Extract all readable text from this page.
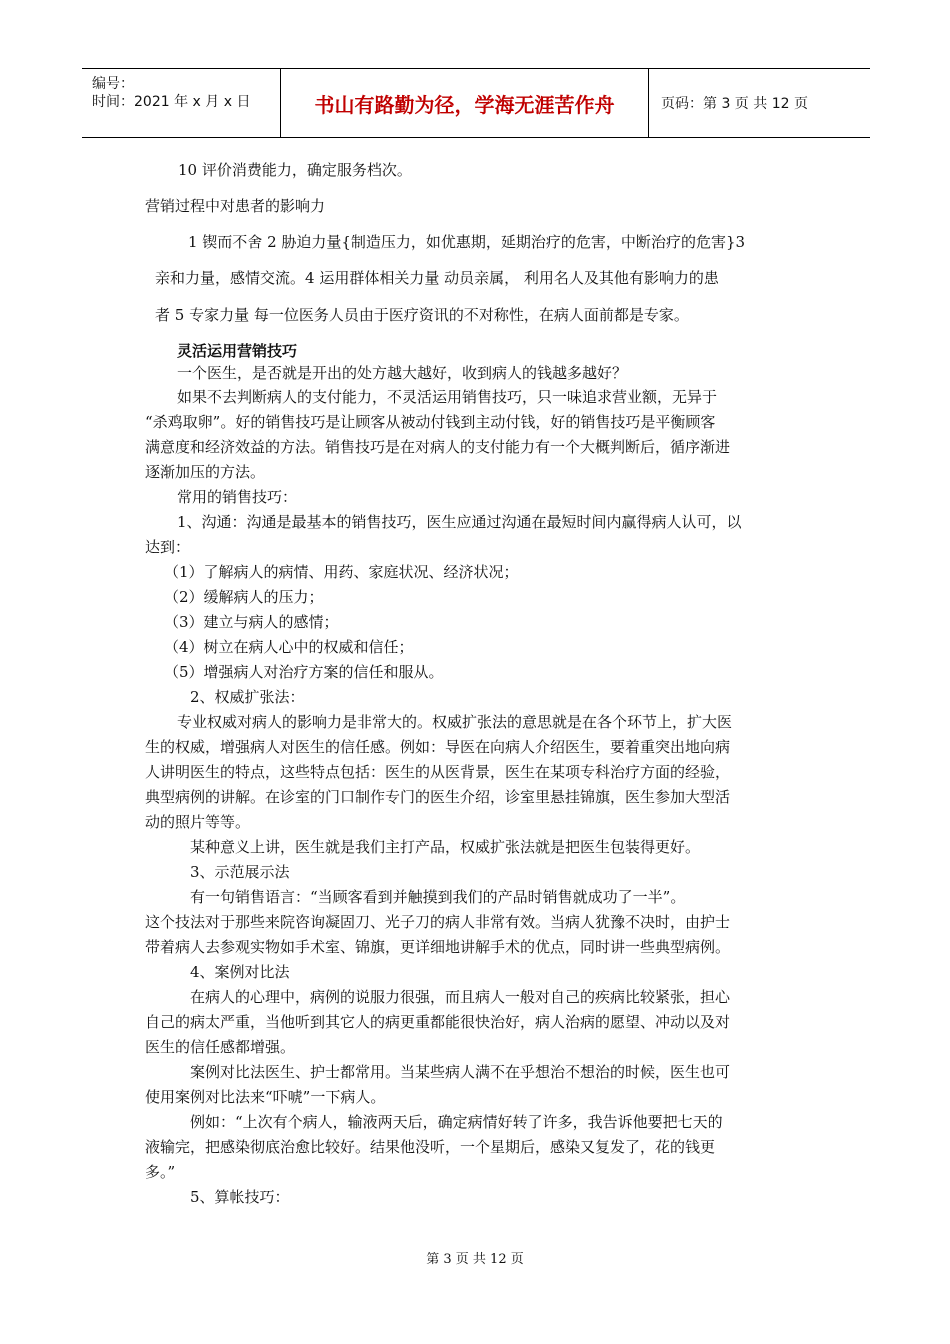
编号：
时间：2021 年 x 月 x 日	书山有路勤为径，学海无涯苦作舟	页码：第 3 页 共 12 页
10 评价消费能力，确定服务档次。
营销过程中对患者的影响力
1 锲而不舍 2 胁迫力量{制造压力，如优惠期，延期治疗的危害，中断治疗的危害}3
亲和力量，感情交流。4 运用群体相关力量 动员亲属， 利用名人及其他有影响力的患
者 5 专家力量 每一位医务人员由于医疗资讯的不对称性，在病人面前都是专家。
灵活运用营销技巧
一个医生，是否就是开出的处方越大越好，收到病人的钱越多越好？
如果不去判断病人的支付能力，不灵活运用销售技巧，只一味追求营业额，无异于
“杀鸡取卵”。好的销售技巧是让顾客从被动付钱到主动付钱，好的销售技巧是平衡顾客
满意度和经济效益的方法。销售技巧是在对病人的支付能力有一个大概判断后，循序渐进
逐渐加压的方法。
常用的销售技巧：
1、沟通：沟通是最基本的销售技巧，医生应通过沟通在最短时间内赢得病人认可，以
达到：
（1）了解病人的病情、用药、家庭状况、经济状况；
（2）缓解病人的压力；
（3）建立与病人的感情；
（4）树立在病人心中的权威和信任；
（5）增强病人对治疗方案的信任和服从。
2、权威扩张法：
专业权威对病人的影响力是非常大的。权威扩张法的意思就是在各个环节上，扩大医
生的权威，增强病人对医生的信任感。例如：导医在向病人介绍医生，要着重突出地向病
人讲明医生的特点，这些特点包括：医生的从医背景，医生在某项专科治疗方面的经验，
典型病例的讲解。在诊室的门口制作专门的医生介绍，诊室里悬挂锦旗，医生参加大型活
动的照片等等。
某种意义上讲，医生就是我们主打产品，权威扩张法就是把医生包装得更好。
3、示范展示法
有一句销售语言：“当顾客看到并触摸到我们的产品时销售就成功了一半”。
这个技法对于那些来院咨询凝固刀、光子刀的病人非常有效。当病人犹豫不决时，由护士
带着病人去参观实物如手术室、锦旗，更详细地讲解手术的优点，同时讲一些典型病例。
4、案例对比法
在病人的心理中，病例的说服力很强，而且病人一般对自己的疾病比较紧张，担心
自己的病太严重，当他听到其它人的病更重都能很快治好，病人治病的愿望、冲动以及对
医生的信任感都增强。
案例对比法医生、护士都常用。当某些病人满不在乎想治不想治的时候，医生也可
使用案例对比法来“吓唬”一下病人。
例如：“上次有个病人，输液两天后，确定病情好转了许多，我告诉他要把七天的
液输完，把感染彻底治愈比较好。结果他没听，一个星期后，感染又复发了，花的钱更
多。”
5、算帐技巧：
第 3 页 共 12 页
